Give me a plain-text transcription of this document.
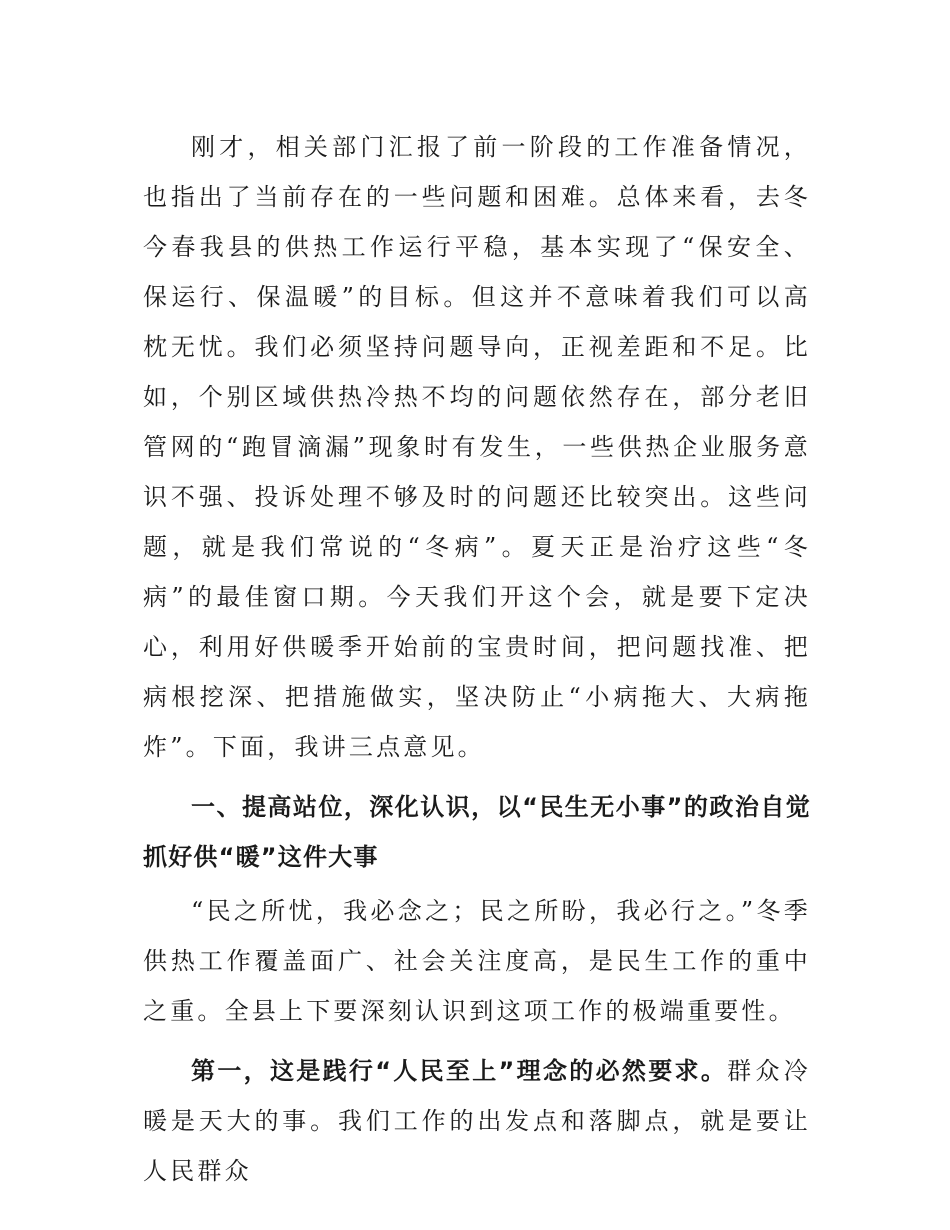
刚才，相关部门汇报了前一阶段的工作准备情况，也指出了当前存在的一些问题和困难。总体来看，去冬今春我县的供热工作运行平稳，基本实现了“保安全、保运行、保温暖”的目标。但这并不意味着我们可以高枕无忧。我们必须坚持问题导向，正视差距和不足。比如，个别区域供热冷热不均的问题依然存在，部分老旧管网的“跑冒滴漏”现象时有发生，一些供热企业服务意识不强、投诉处理不够及时的问题还比较突出。这些问题，就是我们常说的“冬病”。夏天正是治疗这些“冬病”的最佳窗口期。今天我们开这个会，就是要下定决心，利用好供暖季开始前的宝贵时间，把问题找准、把病根挖深、把措施做实，坚决防止“小病拖大、大病拖炸”。下面，我讲三点意见。

一、提高站位，深化认识，以“民生无小事”的政治自觉抓好供“暖”这件大事

“民之所忧，我必念之；民之所盼，我必行之。”冬季供热工作覆盖面广、社会关注度高，是民生工作的重中之重。全县上下要深刻认识到这项工作的极端重要性。

第一，这是践行“人民至上”理念的必然要求。群众冷暖是天大的事。我们工作的出发点和落脚点，就是要让人民群众
